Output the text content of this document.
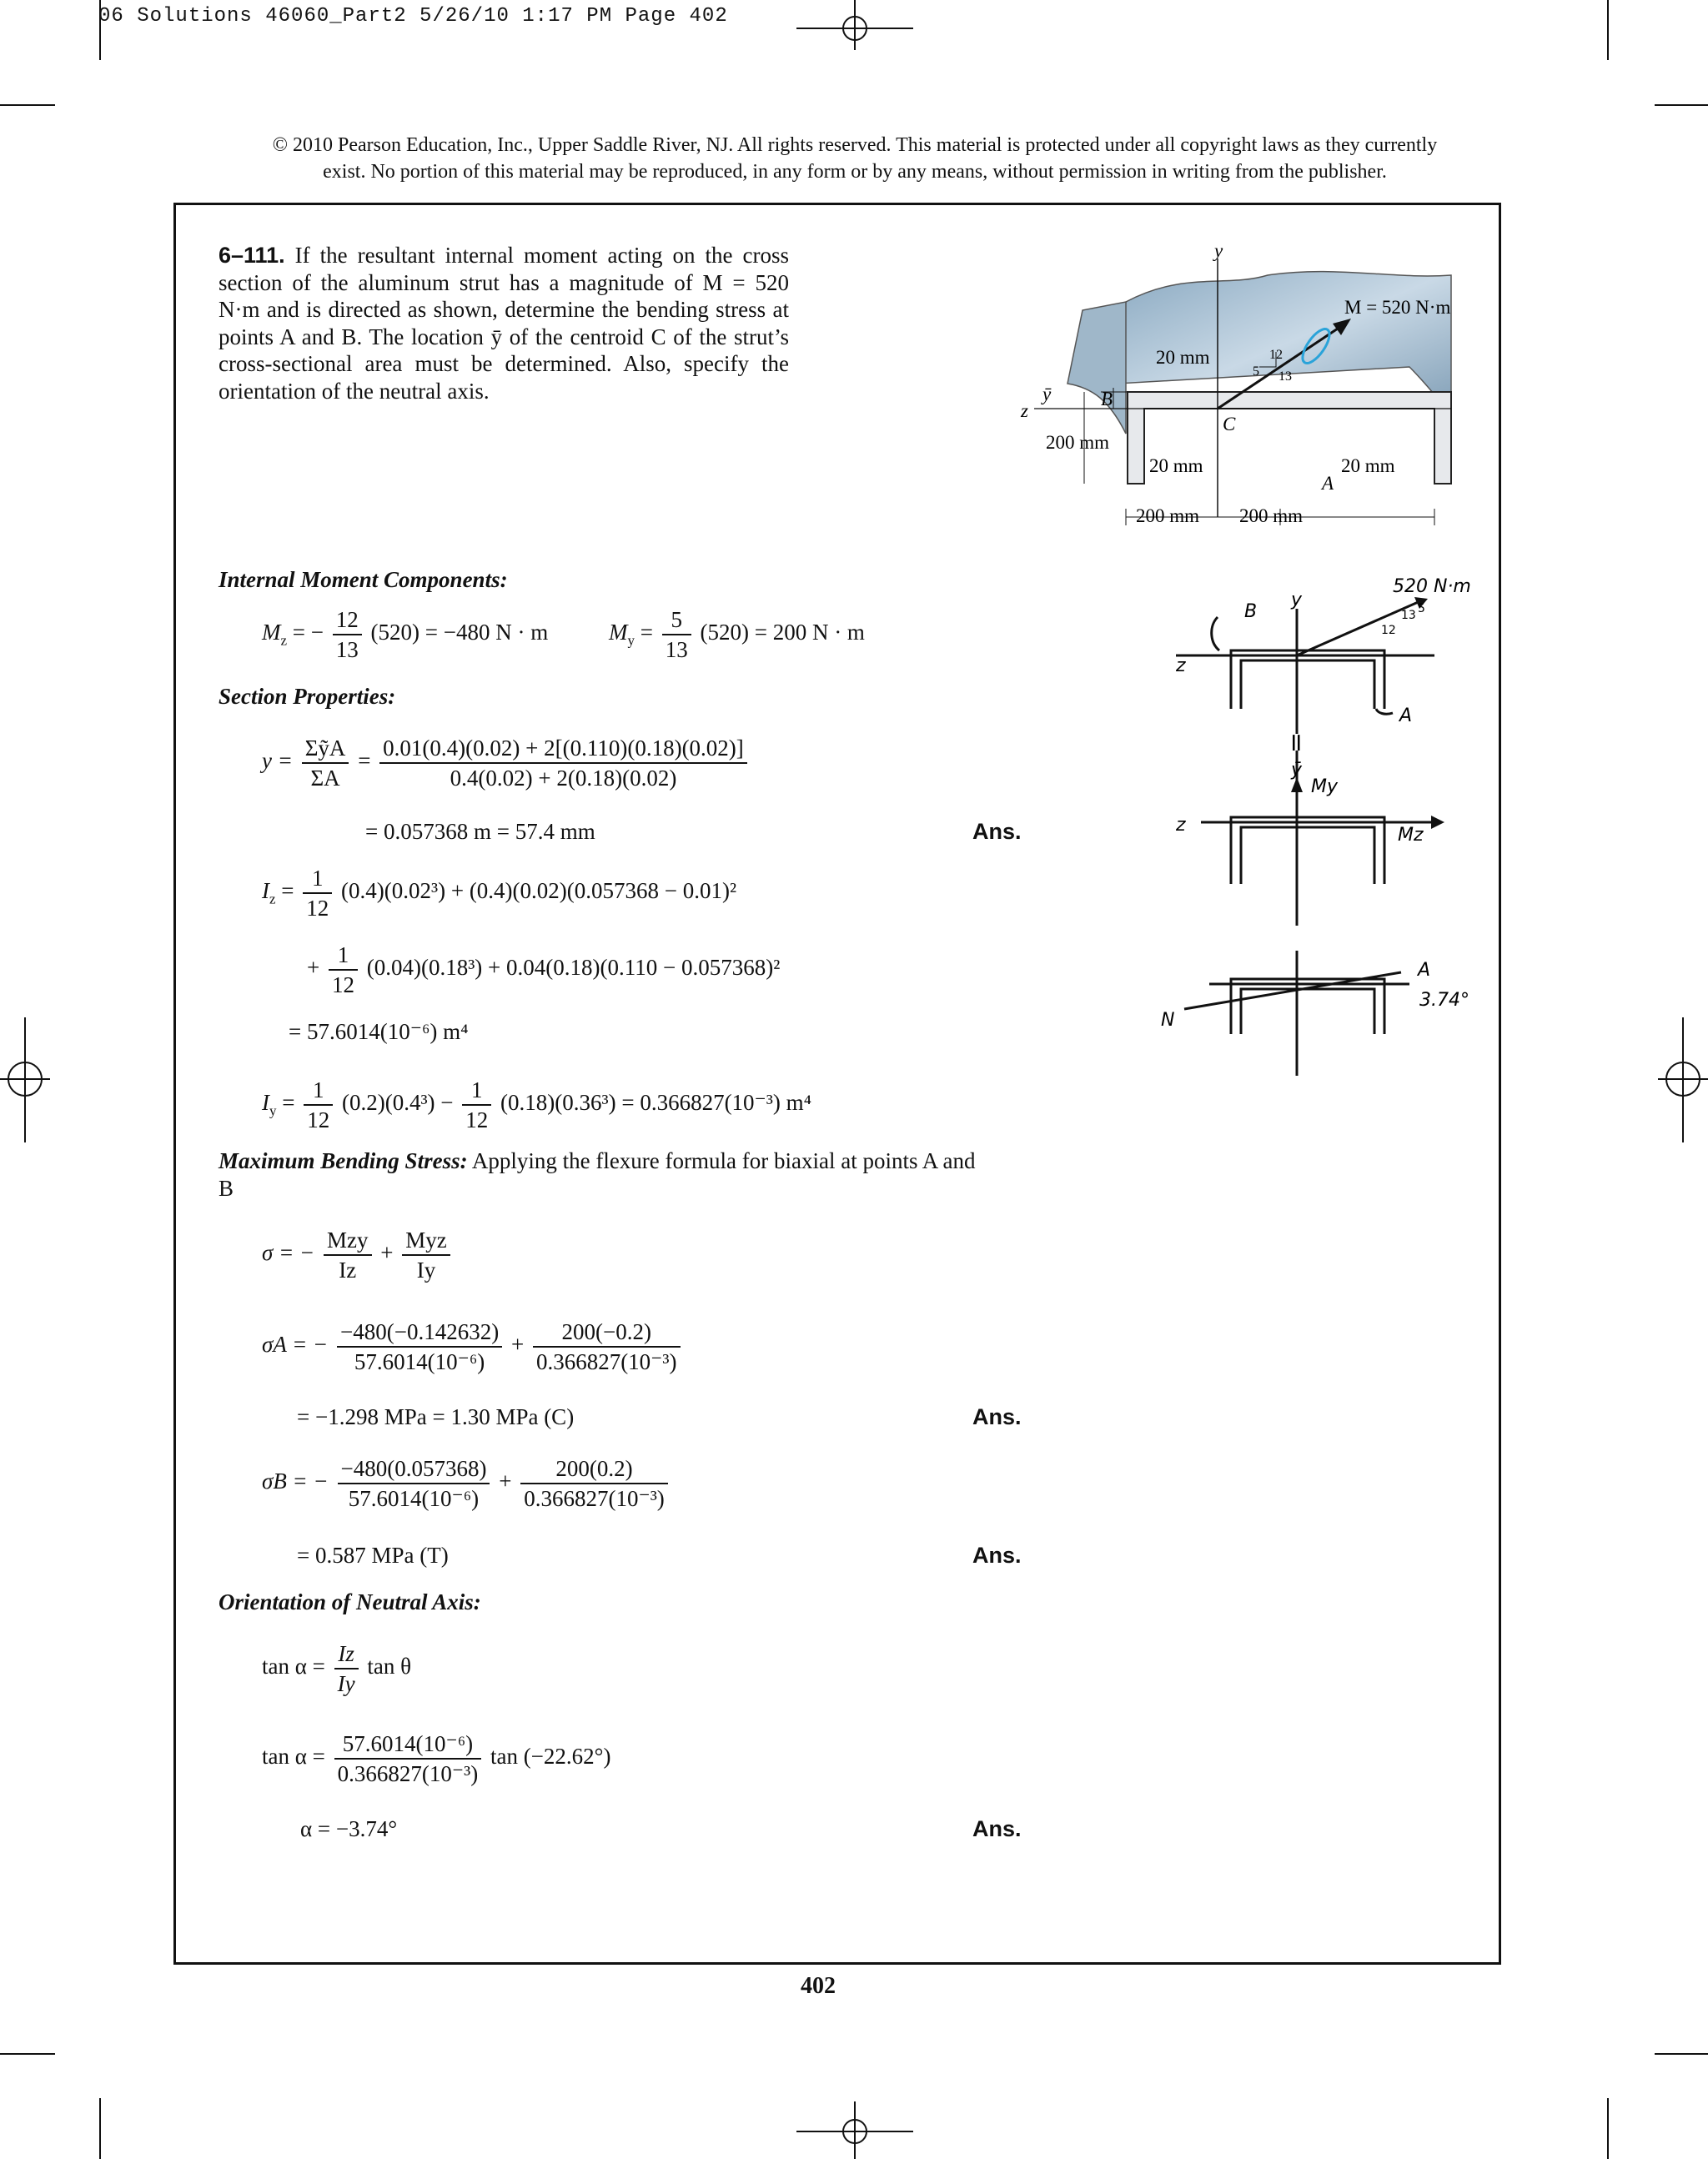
06 Solutions 46060_Part2 5/26/10 1:17 PM Page 402
© 2010 Pearson Education, Inc., Upper Saddle River, NJ. All rights reserved. This material is protected under all copyright laws as they currently
exist. No portion of this material may be reproduced, in any form or by any means, without permission in writing from the publisher.
6–111. If the resultant internal moment acting on the cross section of the aluminum strut has a magnitude of M = 520 N·m and is directed as shown, determine the bending stress at points A and B. The location ȳ of the centroid C of the strut’s cross-sectional area must be determined. Also, specify the orientation of the neutral axis.
y
z
M = 520 N·m
20 mm	12
5 13
ȳ	B
C
A
200 mm
20 mm	20 mm
200 mm 200 mm
520 N·m
B
y
z
A
13
12
5
=
ȳ
My
z	Mz
N
A
3.74°
Internal Moment Components:
$M_z$ = − $\frac{12}{13} (520) = -480$ N · m	$M_y = \frac{5}{13} (520) = 200$ N · m
Section Properties:
$y = \frac{\text{ΣỹA}}{\Sigma A} = \frac{0.01(0.4)(0.02) + 2[(0.110)(0.18)(0.02)]}{0.4(0.02) + 2(0.18)(0.02)}$
= 0.057368 m = 57.4 mm	Ans.
$I_z = \frac{1}{12} (0.4)(0.02^3) + (0.4)(0.02)(0.057368 - 0.01)^2$
+ $\frac{1}{12} (0.04)(0.18^3) + 0.04(0.18)(0.110 - 0.057368)^2$
= 57.6014(10⁻⁶) m⁴
$I_y = \frac{1}{12} (0.2)(0.4^3) - \frac{1}{12} (0.18)(0.36^3) = 0.366827(10^{-3})$ m⁴
Maximum Bending Stress: Applying the flexure formula for biaxial at points A and B
σ = − $\frac{\text{Mzy}}{Iz} + \frac{\text{Myz}}{Iy}$
σA = − $\frac{-480(-0.142632)}{\text{57.6014(10⁻⁶)}} + \frac{200(-0.2)}{\text{0.366827(10⁻³)}}$
= −1.298 MPa = 1.30 MPa (C)	Ans.
σB = − $\frac{-480(0.057368)}{\text{57.6014(10⁻⁶)}} + \frac{200(0.2)}{\text{0.366827(10⁻³)}}$
= 0.587 MPa (T)	Ans.
Orientation of Neutral Axis:
$\tan \alpha = \frac{Iz}{Iy}$ tan θ
$\tan \alpha = \frac{\text{57.6014(10⁻⁶)}}{\text{0.366827(10⁻³)}}$ tan (−22.62°)
α = −3.74°	Ans.
402
